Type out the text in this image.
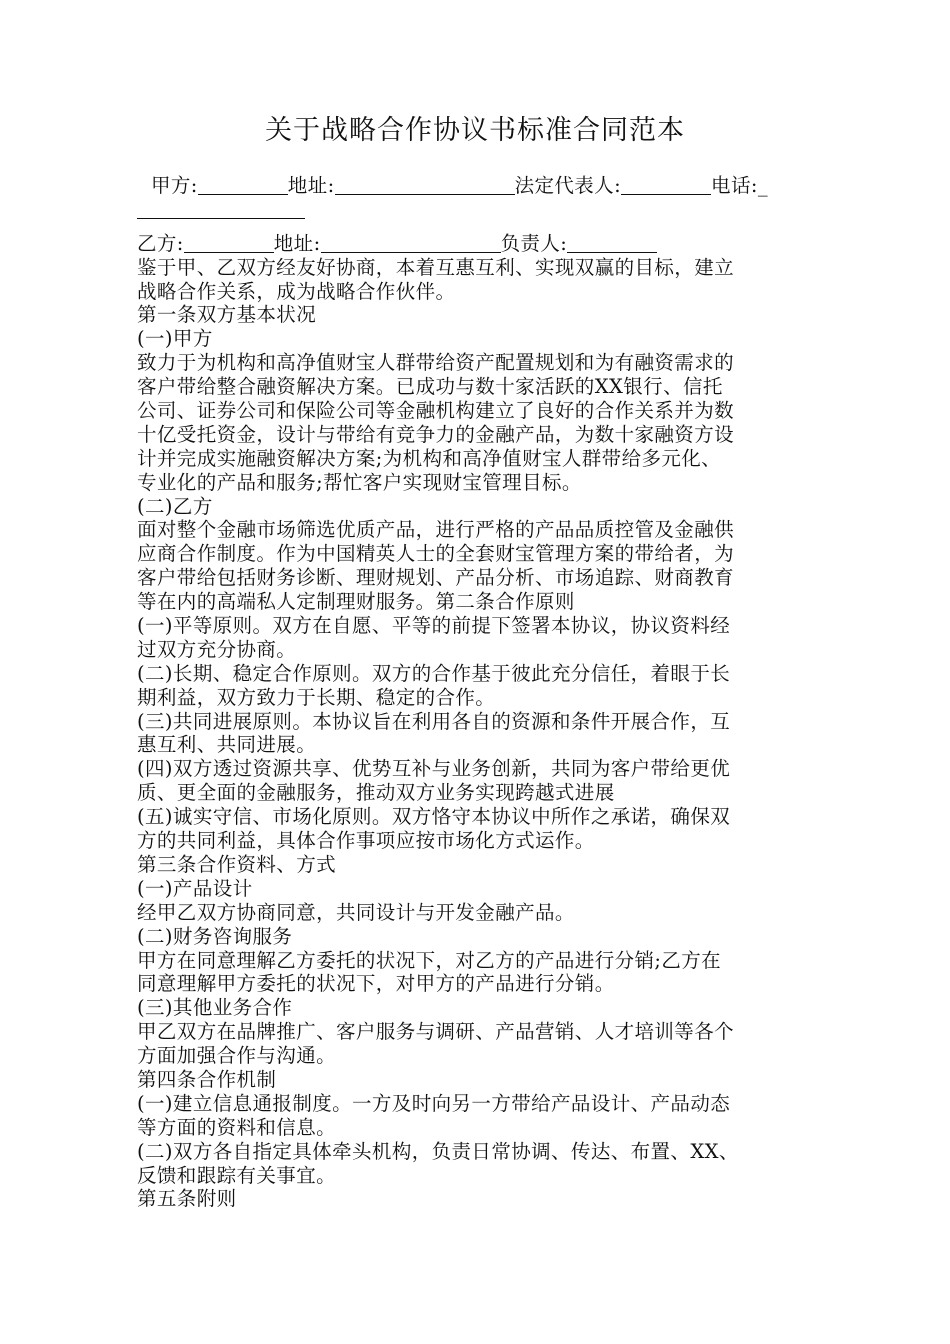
关于战略合作协议书标准合同范本
甲方:	地址:	法定代表人:	电话:_
乙方:	地址:	负责人:
鉴于甲、乙双方经友好协商，本着互惠互利、实现双赢的目标，建立
战略合作关系，成为战略合作伙伴。
第一条双方基本状况
(一)甲方
致力于为机构和高净值财宝人群带给资产配置规划和为有融资需求的
客户带给整合融资解决方案。已成功与数十家活跃的XX银行、信托
公司、证券公司和保险公司等金融机构建立了良好的合作关系并为数
十亿受托资金，设计与带给有竞争力的金融产品，为数十家融资方设
计并完成实施融资解决方案;为机构和高净值财宝人群带给多元化、
专业化的产品和服务;帮忙客户实现财宝管理目标。
(二)乙方
面对整个金融市场筛选优质产品，进行严格的产品品质控管及金融供
应商合作制度。作为中国精英人士的全套财宝管理方案的带给者，为
客户带给包括财务诊断、理财规划、产品分析、市场追踪、财商教育
等在内的高端私人定制理财服务。第二条合作原则
(一)平等原则。双方在自愿、平等的前提下签署本协议，协议资料经
过双方充分协商。
(二)长期、稳定合作原则。双方的合作基于彼此充分信任，着眼于长
期利益，双方致力于长期、稳定的合作。
(三)共同进展原则。本协议旨在利用各自的资源和条件开展合作，互
惠互利、共同进展。
(四)双方透过资源共享、优势互补与业务创新，共同为客户带给更优
质、更全面的金融服务，推动双方业务实现跨越式进展
(五)诚实守信、市场化原则。双方恪守本协议中所作之承诺，确保双
方的共同利益，具体合作事项应按市场化方式运作。
第三条合作资料、方式
(一)产品设计
经甲乙双方协商同意，共同设计与开发金融产品。
(二)财务咨询服务
甲方在同意理解乙方委托的状况下，对乙方的产品进行分销;乙方在
同意理解甲方委托的状况下，对甲方的产品进行分销。
(三)其他业务合作
甲乙双方在品牌推广、客户服务与调研、产品营销、人才培训等各个
方面加强合作与沟通。
第四条合作机制
(一)建立信息通报制度。一方及时向另一方带给产品设计、产品动态
等方面的资料和信息。
(二)双方各自指定具体牵头机构，负责日常协调、传达、布置、XX、
反馈和跟踪有关事宜。
第五条附则
